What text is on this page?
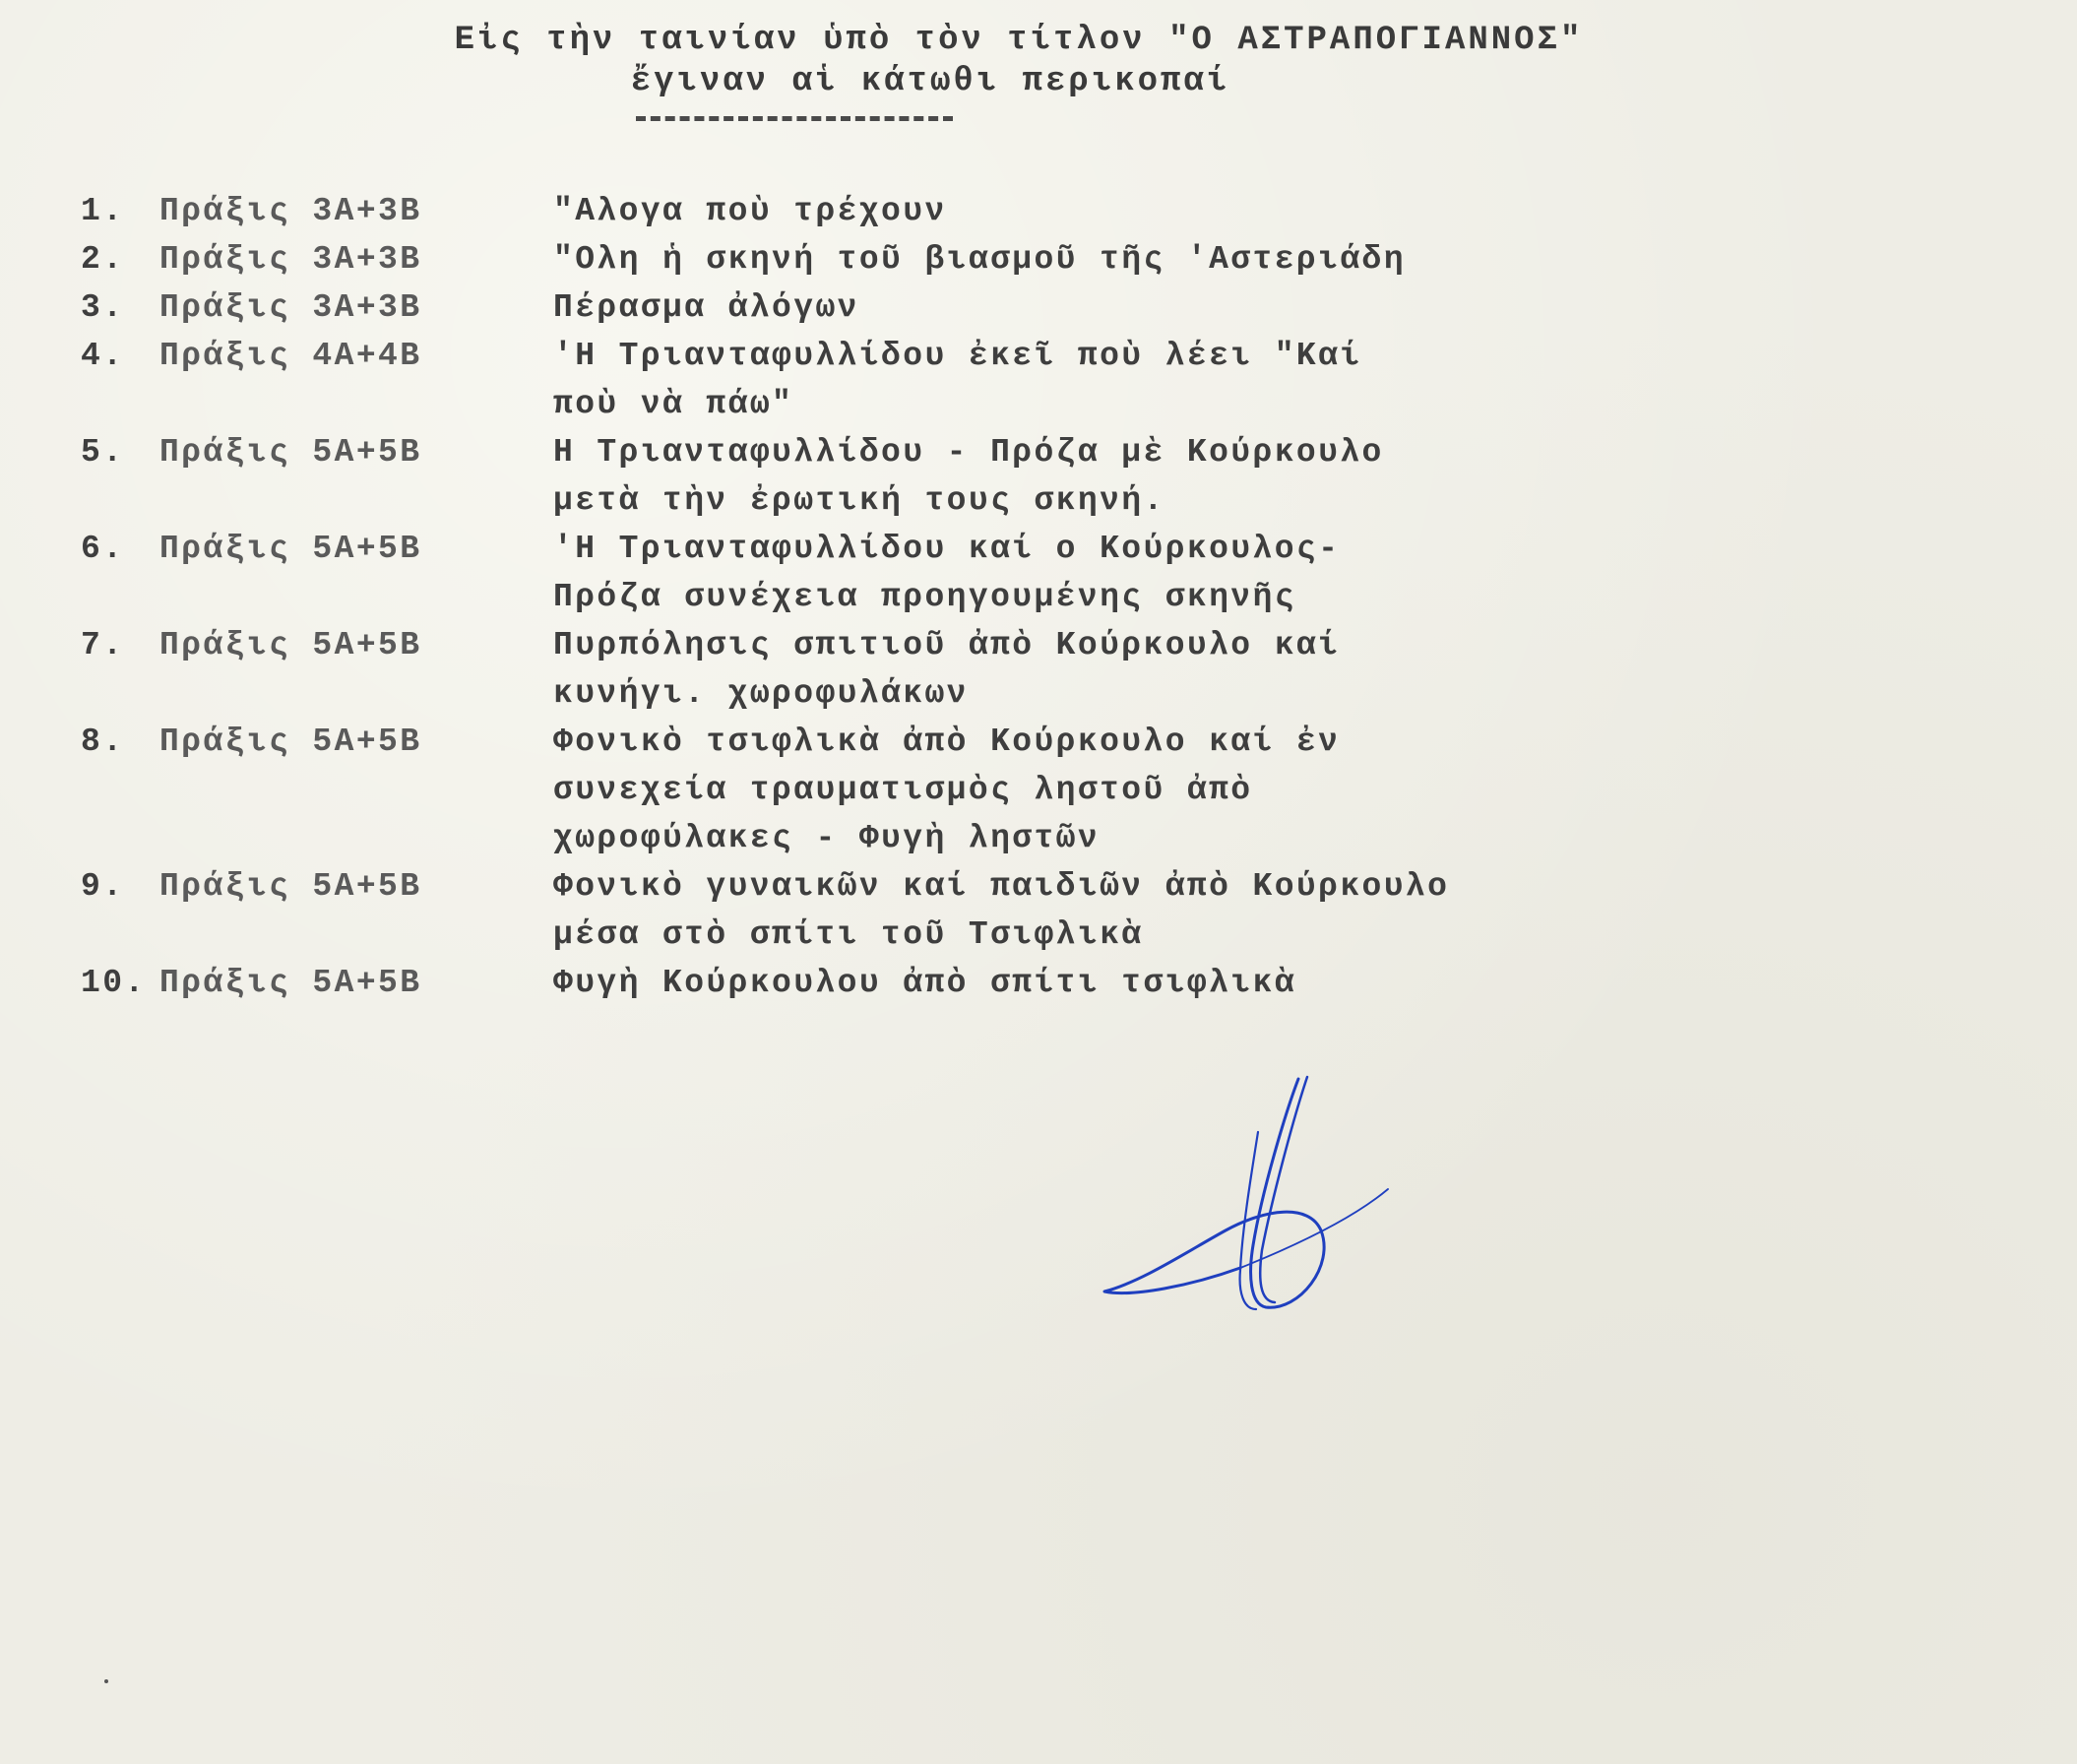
Εἰς τὴν ταινίαν ὑπὸ τὸν τίτλον "Ο ΑΣΤΡΑΠΟΓΙΑΝΝΟΣ"
ἔγιναν αἱ κάτωθι περικοπαί
1.	Πράξις 3Α+3Β	"Αλογα ποὺ τρέχουν
2.	Πράξις 3Α+3Β	"Ολη ἡ σκηνή τοῦ βιασμοῦ τῆς 'Αστεριάδη
3.	Πράξις 3Α+3Β	Πέρασμα ἀλόγων
4.	Πράξις 4Α+4Β	'Η Τριανταφυλλίδου ἐκεῖ ποὺ λέει "Καί
ποὺ νὰ πάω"
5.	Πράξις 5Α+5Β	Η Τριανταφυλλίδου - Πρόζα μὲ Κούρκουλο
μετὰ τὴν ἐρωτική τους σκηνή.
6.	Πράξις 5Α+5Β	'Η Τριανταφυλλίδου καί ο Κούρκουλος-
Πρόζα συνέχεια προηγουμένης σκηνῆς
7.	Πράξις 5Α+5Β	Πυρπόλησις σπιτιοῦ ἀπὸ Κούρκουλο καί
κυνήγι. χωροφυλάκων
8.	Πράξις 5Α+5Β	Φονικὸ τσιφλικὰ ἀπὸ Κούρκουλο καί ἐν
συνεχεία τραυματισμὸς ληστοῦ ἀπὸ
χωροφύλακες - Φυγὴ ληστῶν
9.	Πράξις 5Α+5Β	Φονικὸ γυναικῶν καί παιδιῶν ἀπὸ Κούρκουλο
μέσα στὸ σπίτι τοῦ Τσιφλικὰ
10. Πράξις 5Α+5Β	Φυγὴ Κούρκουλου ἀπὸ σπίτι τσιφλικὰ
